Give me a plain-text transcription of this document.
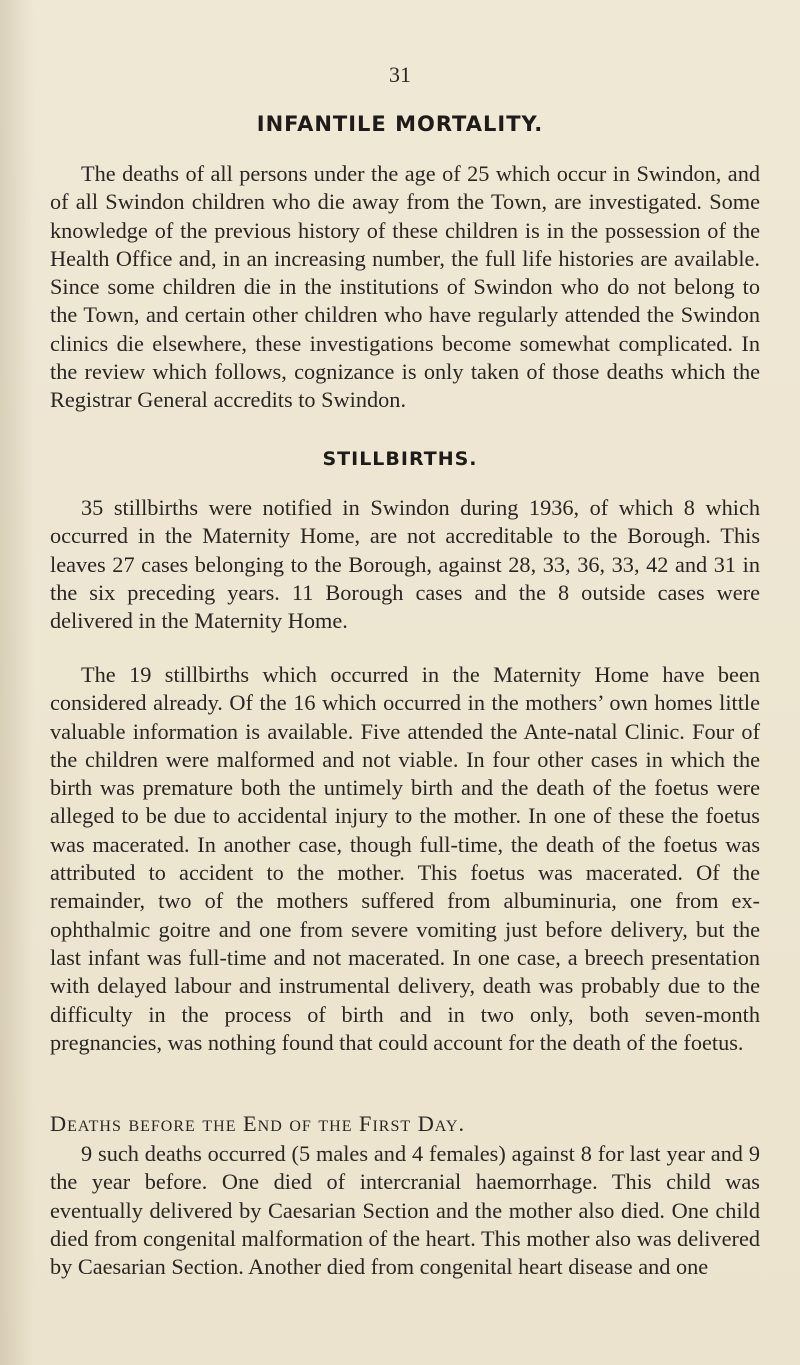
31
INFANTILE MORTALITY.

The deaths of all persons under the age of 25 which occur in Swindon, and of all Swindon children who die away from the Town, are investigated. Some knowledge of the previous history of these children is in the possession of the Health Office and, in an increasing number, the full life histories are available. Since some children die in the institutions of Swindon who do not belong to the Town, and certain other children who have regularly attended the Swindon clinics die elsewhere, these investigations become somewhat complicated. In the review which follows, cognizance is only taken of those deaths which the Registrar General accredits to Swindon.

STILLBIRTHS.

35 stillbirths were notified in Swindon during 1936, of which 8 which occurred in the Maternity Home, are not accreditable to the Borough. This leaves 27 cases belonging to the Borough, against 28, 33, 36, 33, 42 and 31 in the six preceding years. 11 Borough cases and the 8 outside cases were delivered in the Maternity Home.

The 19 stillbirths which occurred in the Maternity Home have been considered already. Of the 16 which occurred in the mothers’ own homes little valuable information is available. Five attended the Ante-natal Clinic. Four of the children were malformed and not viable. In four other cases in which the birth was premature both the untimely birth and the death of the foetus were alleged to be due to accidental injury to the mother. In one of these the foetus was macerated. In another case, though full-time, the death of the foetus was attributed to accident to the mother. This foetus was macerated. Of the remainder, two of the mothers suffered from albuminuria, one from ex-ophthalmic goitre and one from severe vomiting just before delivery, but the last infant was full-time and not macerated. In one case, a breech presentation with delayed labour and instrumental delivery, death was probably due to the difficulty in the process of birth and in two only, both seven-month pregnancies, was nothing found that could account for the death of the foetus.

Deaths before the End of the First Day.

9 such deaths occurred (5 males and 4 females) against 8 for last year and 9 the year before. One died of intercranial haemorrhage. This child was eventually delivered by Caesarian Section and the mother also died. One child died from congenital malformation of the heart. This mother also was delivered by Caesarian Section. Another died from congenital heart disease and one
